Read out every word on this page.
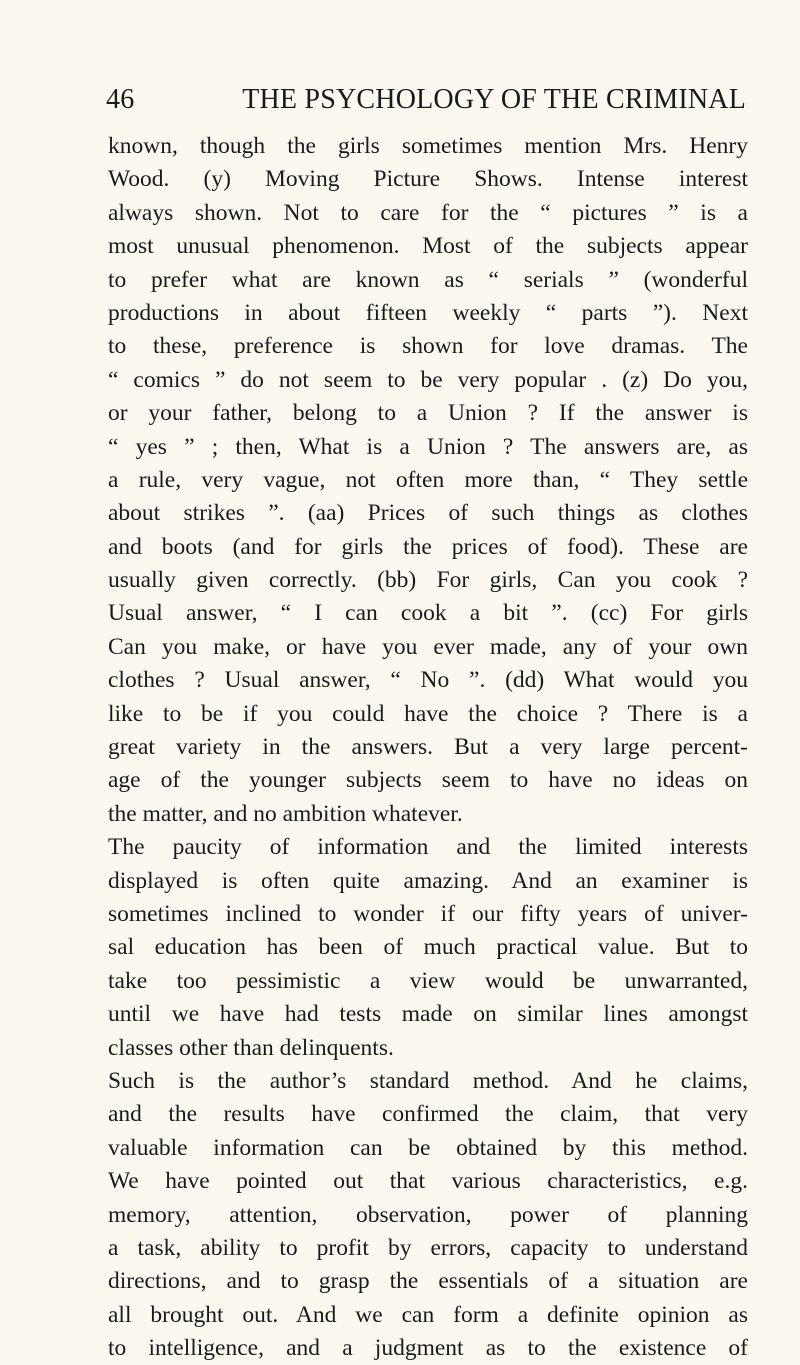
46	THE PSYCHOLOGY OF THE CRIMINAL
known, though the girls sometimes mention Mrs. Henry
Wood. (y) Moving Picture Shows. Intense interest
always shown. Not to care for the “ pictures ” is a
most unusual phenomenon. Most of the subjects appear
to prefer what are known as “ serials ” (wonderful
productions in about fifteen weekly “ parts ”). Next
to these, preference is shown for love dramas. The
“ comics ” do not seem to be very popular . (z) Do you,
or your father, belong to a Union ? If the answer is
“ yes ” ; then, What is a Union ? The answers are, as
a rule, very vague, not often more than, “ They settle
about strikes ”. (aa) Prices of such things as clothes
and boots (and for girls the prices of food). These are
usually given correctly. (bb) For girls, Can you cook ?
Usual answer, “ I can cook a bit ”. (cc) For girls
Can you make, or have you ever made, any of your own
clothes ? Usual answer, “ No ”. (dd) What would you
like to be if you could have the choice ? There is a
great variety in the answers. But a very large percent-
age of the younger subjects seem to have no ideas on
the matter, and no ambition whatever.
The paucity of information and the limited interests
displayed is often quite amazing. And an examiner is
sometimes inclined to wonder if our fifty years of univer-
sal education has been of much practical value. But to
take too pessimistic a view would be unwarranted,
until we have had tests made on similar lines amongst
classes other than delinquents.
Such is the author’s standard method. And he claims,
and the results have confirmed the claim, that very
valuable information can be obtained by this method.
We have pointed out that various characteristics, e.g.
memory, attention, observation, power of planning
a task, ability to profit by errors, capacity to understand
directions, and to grasp the essentials of a situation are
all brought out. And we can form a definite opinion as
to intelligence, and a judgment as to the existence of
